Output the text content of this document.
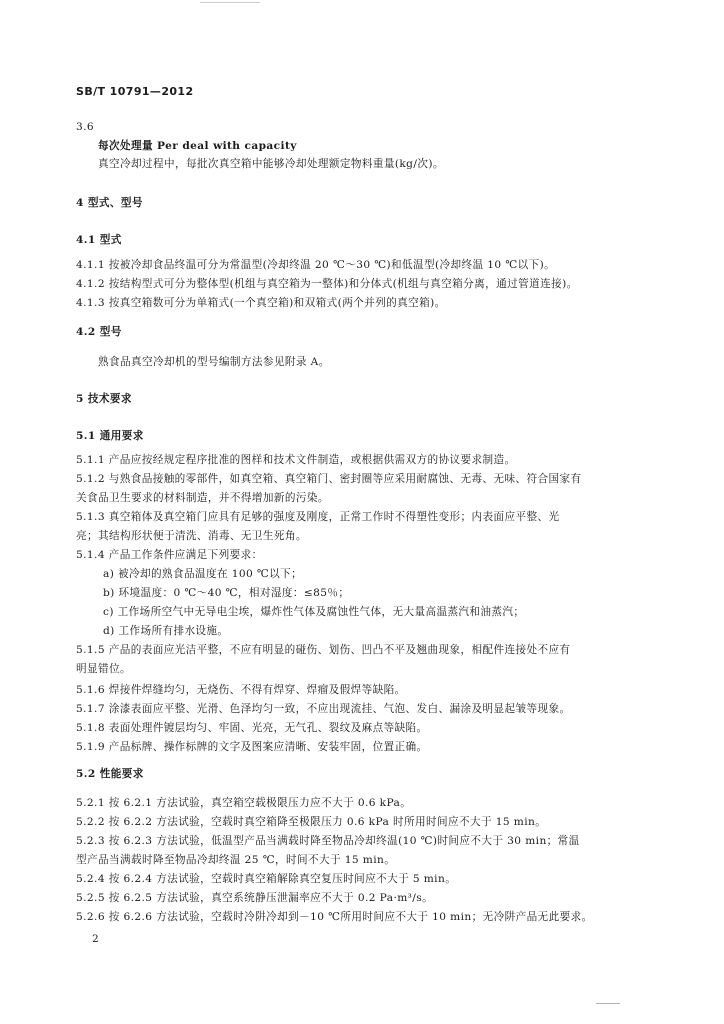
SB/T 10791—2012
3.6
每次处理量 Per deal with capacity
真空冷却过程中，每批次真空箱中能够冷却处理额定物料重量(kg/次)。
4 型式、型号
4.1 型式
4.1.1 按被冷却食品终温可分为常温型(冷却终温 20 ℃～30 ℃)和低温型(冷却终温 10 ℃以下)。
4.1.2 按结构型式可分为整体型(机组与真空箱为一整体)和分体式(机组与真空箱分离，通过管道连接)。
4.1.3 按真空箱数可分为单箱式(一个真空箱)和双箱式(两个并列的真空箱)。
4.2 型号
熟食品真空冷却机的型号编制方法参见附录 A。
5 技术要求
5.1 通用要求
5.1.1 产品应按经规定程序批准的图样和技术文件制造，或根据供需双方的协议要求制造。
5.1.2 与熟食品接触的零部件，如真空箱、真空箱门、密封圈等应采用耐腐蚀、无毒、无味、符合国家有
关食品卫生要求的材料制造，并不得增加新的污染。
5.1.3 真空箱体及真空箱门应具有足够的强度及刚度，正常工作时不得塑性变形；内表面应平整、光
亮；其结构形状便于清洗、消毒、无卫生死角。
5.1.4 产品工作条件应满足下列要求：
a) 被冷却的熟食品温度在 100 ℃以下；
b) 环境温度：0 ℃～40 ℃，相对湿度：≤85％；
c) 工作场所空气中无导电尘埃，爆炸性气体及腐蚀性气体，无大量高温蒸汽和油蒸汽；
d) 工作场所有排水设施。
5.1.5 产品的表面应光洁平整，不应有明显的碰伤、划伤、凹凸不平及翘曲现象，相配件连接处不应有
明显错位。
5.1.6 焊接件焊缝均匀，无烧伤、不得有焊穿、焊瘤及假焊等缺陷。
5.1.7 涂漆表面应平整、光滑、色泽均匀一致，不应出现流挂、气泡、发白、漏涂及明显起皱等现象。
5.1.8 表面处理件镀层均匀、牢固、光亮，无气孔、裂纹及麻点等缺陷。
5.1.9 产品标牌、操作标牌的文字及图案应清晰、安装牢固，位置正确。
5.2 性能要求
5.2.1 按 6.2.1 方法试验，真空箱空载极限压力应不大于 0.6 kPa。
5.2.2 按 6.2.2 方法试验，空载时真空箱降至极限压力 0.6 kPa 时所用时间应不大于 15 min。
5.2.3 按 6.2.3 方法试验，低温型产品当满载时降至物品冷却终温(10 ℃)时间应不大于 30 min；常温
型产品当满载时降至物品冷却终温 25 ℃，时间不大于 15 min。
5.2.4 按 6.2.4 方法试验，空载时真空箱解除真空复压时间应不大于 5 min。
5.2.5 按 6.2.5 方法试验，真空系统静压泄漏率应不大于 0.2 Pa·m³/s。
5.2.6 按 6.2.6 方法试验，空载时冷阱冷却到－10 ℃所用时间应不大于 10 min；无冷阱产品无此要求。
2
